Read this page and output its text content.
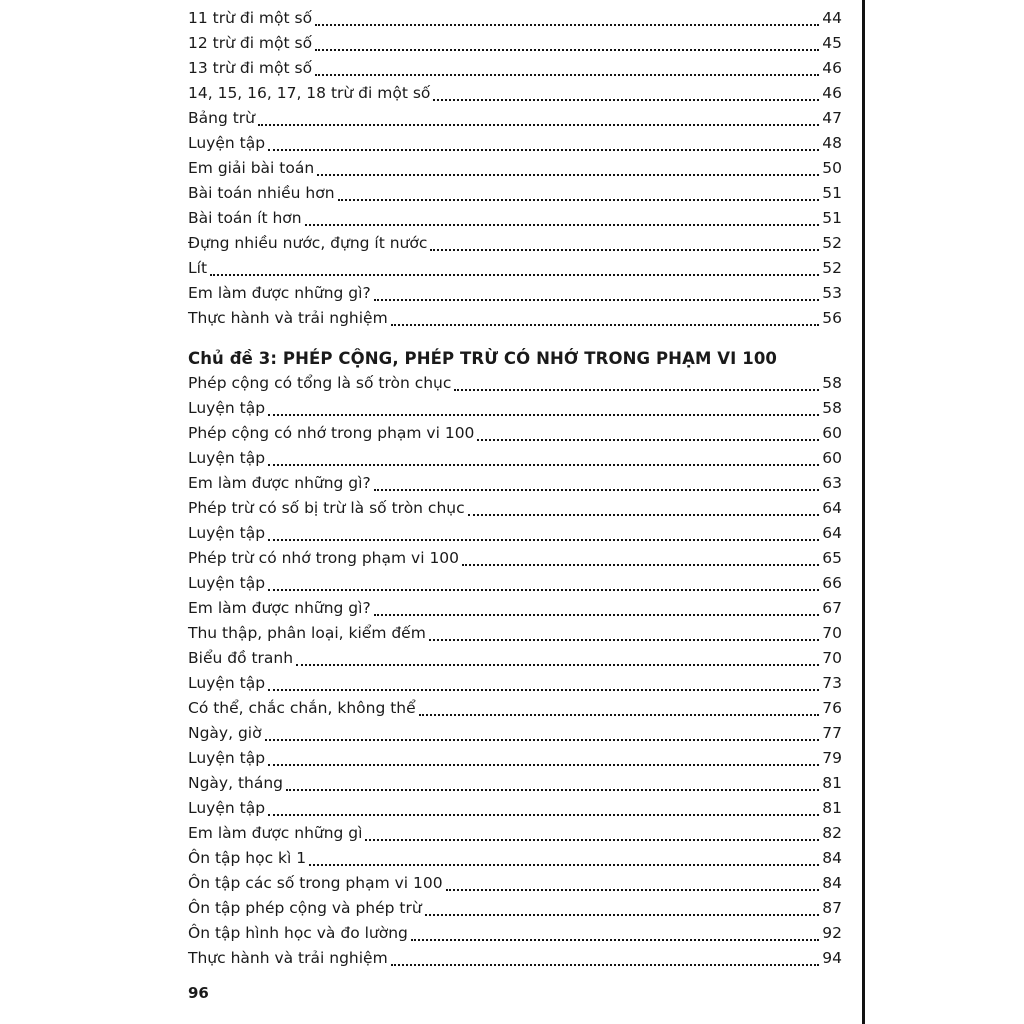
11 trừ đi một số	44
12 trừ đi một số	45
13 trừ đi một số	46
14, 15, 16, 17, 18 trừ đi một số	46
Bảng trừ	47
Luyện tập	48
Em giải bài toán	50
Bài toán nhiều hơn	51
Bài toán ít hơn	51
Đựng nhiều nước, đựng ít nước	52
Lít	52
Em làm được những gì?	53
Thực hành và trải nghiệm	56
Chủ đề 3: PHÉP CỘNG, PHÉP TRỪ CÓ NHỚ TRONG PHẠM VI 100
Phép cộng có tổng là số tròn chục	58
Luyện tập	58
Phép cộng có nhớ trong phạm vi 100	60
Luyện tập	60
Em làm được những gì?	63
Phép trừ có số bị trừ là số tròn chục	64
Luyện tập	64
Phép trừ có nhớ trong phạm vi 100	65
Luyện tập	66
Em làm được những gì?	67
Thu thập, phân loại, kiểm đếm	70
Biểu đồ tranh	70
Luyện tập	73
Có thể, chắc chắn, không thể	76
Ngày, giờ	77
Luyện tập	79
Ngày, tháng	81
Luyện tập	81
Em làm được những gì	82
Ôn tập học kì 1	84
Ôn tập các số trong phạm vi 100	84
Ôn tập phép cộng và phép trừ	87
Ôn tập hình học và đo lường	92
Thực hành và trải nghiệm	94
96
